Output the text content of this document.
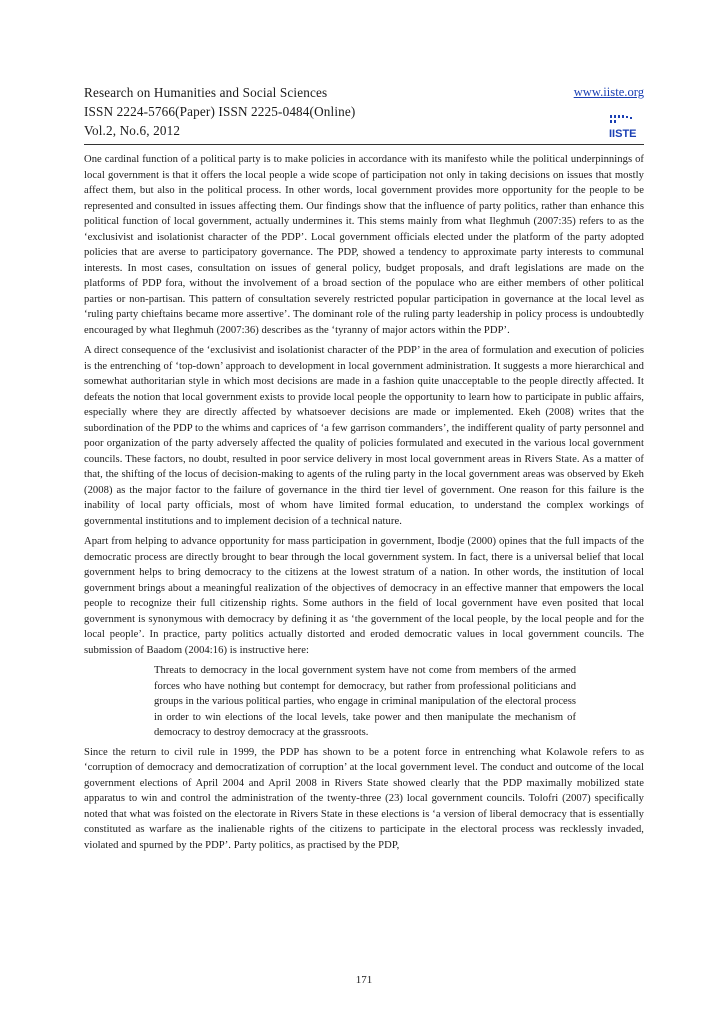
Research on Humanities and Social Sciences
ISSN 2224-5766(Paper) ISSN 2225-0484(Online)
Vol.2, No.6, 2012
www.iiste.org
IISTE

One cardinal function of a political party is to make policies in accordance with its manifesto while the political underpinnings of local government is that it offers the local people a wide scope of participation not only in taking decisions on issues that mostly affect them, but also in the political process. In other words, local government provides more opportunity for the people to be represented and consulted in issues affecting them. Our findings show that the influence of party politics, rather than enhance this political function of local government, actually undermines it. This stems mainly from what Ileghmuh (2007:35) refers to as the ‘exclusivist and isolationist character of the PDP’. Local government officials elected under the platform of the party adopted policies that are averse to participatory governance. The PDP, showed a tendency to approximate party interests to communal interests. In most cases, consultation on issues of general policy, budget proposals, and draft legislations are made on the platforms of PDP fora, without the involvement of a broad section of the populace who are either members of other political parties or non-partisan. This pattern of consultation severely restricted popular participation in governance at the local level as ‘ruling party chieftains became more assertive’. The dominant role of the ruling party leadership in policy process is undoubtedly encouraged by what Ileghmuh (2007:36) describes as the ‘tyranny of major actors within the PDP’.

A direct consequence of the ‘exclusivist and isolationist character of the PDP’ in the area of formulation and execution of policies is the entrenching of ‘top-down’ approach to development in local government administration. It suggests a more hierarchical and somewhat authoritarian style in which most decisions are made in a fashion quite unacceptable to the people directly affected. It defeats the notion that local government exists to provide local people the opportunity to learn how to participate in public affairs, especially where they are directly affected by whatsoever decisions are made or implemented. Ekeh (2008) writes that the subordination of the PDP to the whims and caprices of ‘a few garrison commanders’, the indifferent quality of party personnel and poor organization of the party adversely affected the quality of policies formulated and executed in the various local government councils. These factors, no doubt, resulted in poor service delivery in most local government areas in Rivers State. As a matter of that, the shifting of the locus of decision-making to agents of the ruling party in the local government areas was observed by Ekeh (2008) as the major factor to the failure of governance in the third tier level of government. One reason for this failure is the inability of local party officials, most of whom have limited formal education, to understand the complex workings of governmental institutions and to implement decision of a technical nature.

Apart from helping to advance opportunity for mass participation in government, Ibodje (2000) opines that the full impacts of the democratic process are directly brought to bear through the local government system. In fact, there is a universal belief that local government helps to bring democracy to the citizens at the lowest stratum of a nation. In other words, the institution of local government brings about a meaningful realization of the objectives of democracy in an effective manner that empowers the local people to recognize their full citizenship rights. Some authors in the field of local government have even posited that local government is synonymous with democracy by defining it as ‘the government of the local people, by the local people and for the local people’. In practice, party politics actually distorted and eroded democratic values in local government councils. The submission of Baadom (2004:16) is instructive here:

Threats to democracy in the local government system have not come from members of the armed forces who have nothing but contempt for democracy, but rather from professional politicians and groups in the various political parties, who engage in criminal manipulation of the electoral process in order to win elections of the local levels, take power and then manipulate the mechanism of democracy to destroy democracy at the grassroots.

Since the return to civil rule in 1999, the PDP has shown to be a potent force in entrenching what Kolawole refers to as ‘corruption of democracy and democratization of corruption’ at the local government level. The conduct and outcome of the local government elections of April 2004 and April 2008 in Rivers State showed clearly that the PDP maximally mobilized state apparatus to win and control the administration of the twenty-three (23) local government councils. Tolofri (2007) specifically noted that what was foisted on the electorate in Rivers State in these elections is ‘a version of liberal democracy that is essentially constituted as warfare as the inalienable rights of the citizens to participate in the electoral process was recklessly invaded, violated and spurned by the PDP’. Party politics, as practised by the PDP,

171
